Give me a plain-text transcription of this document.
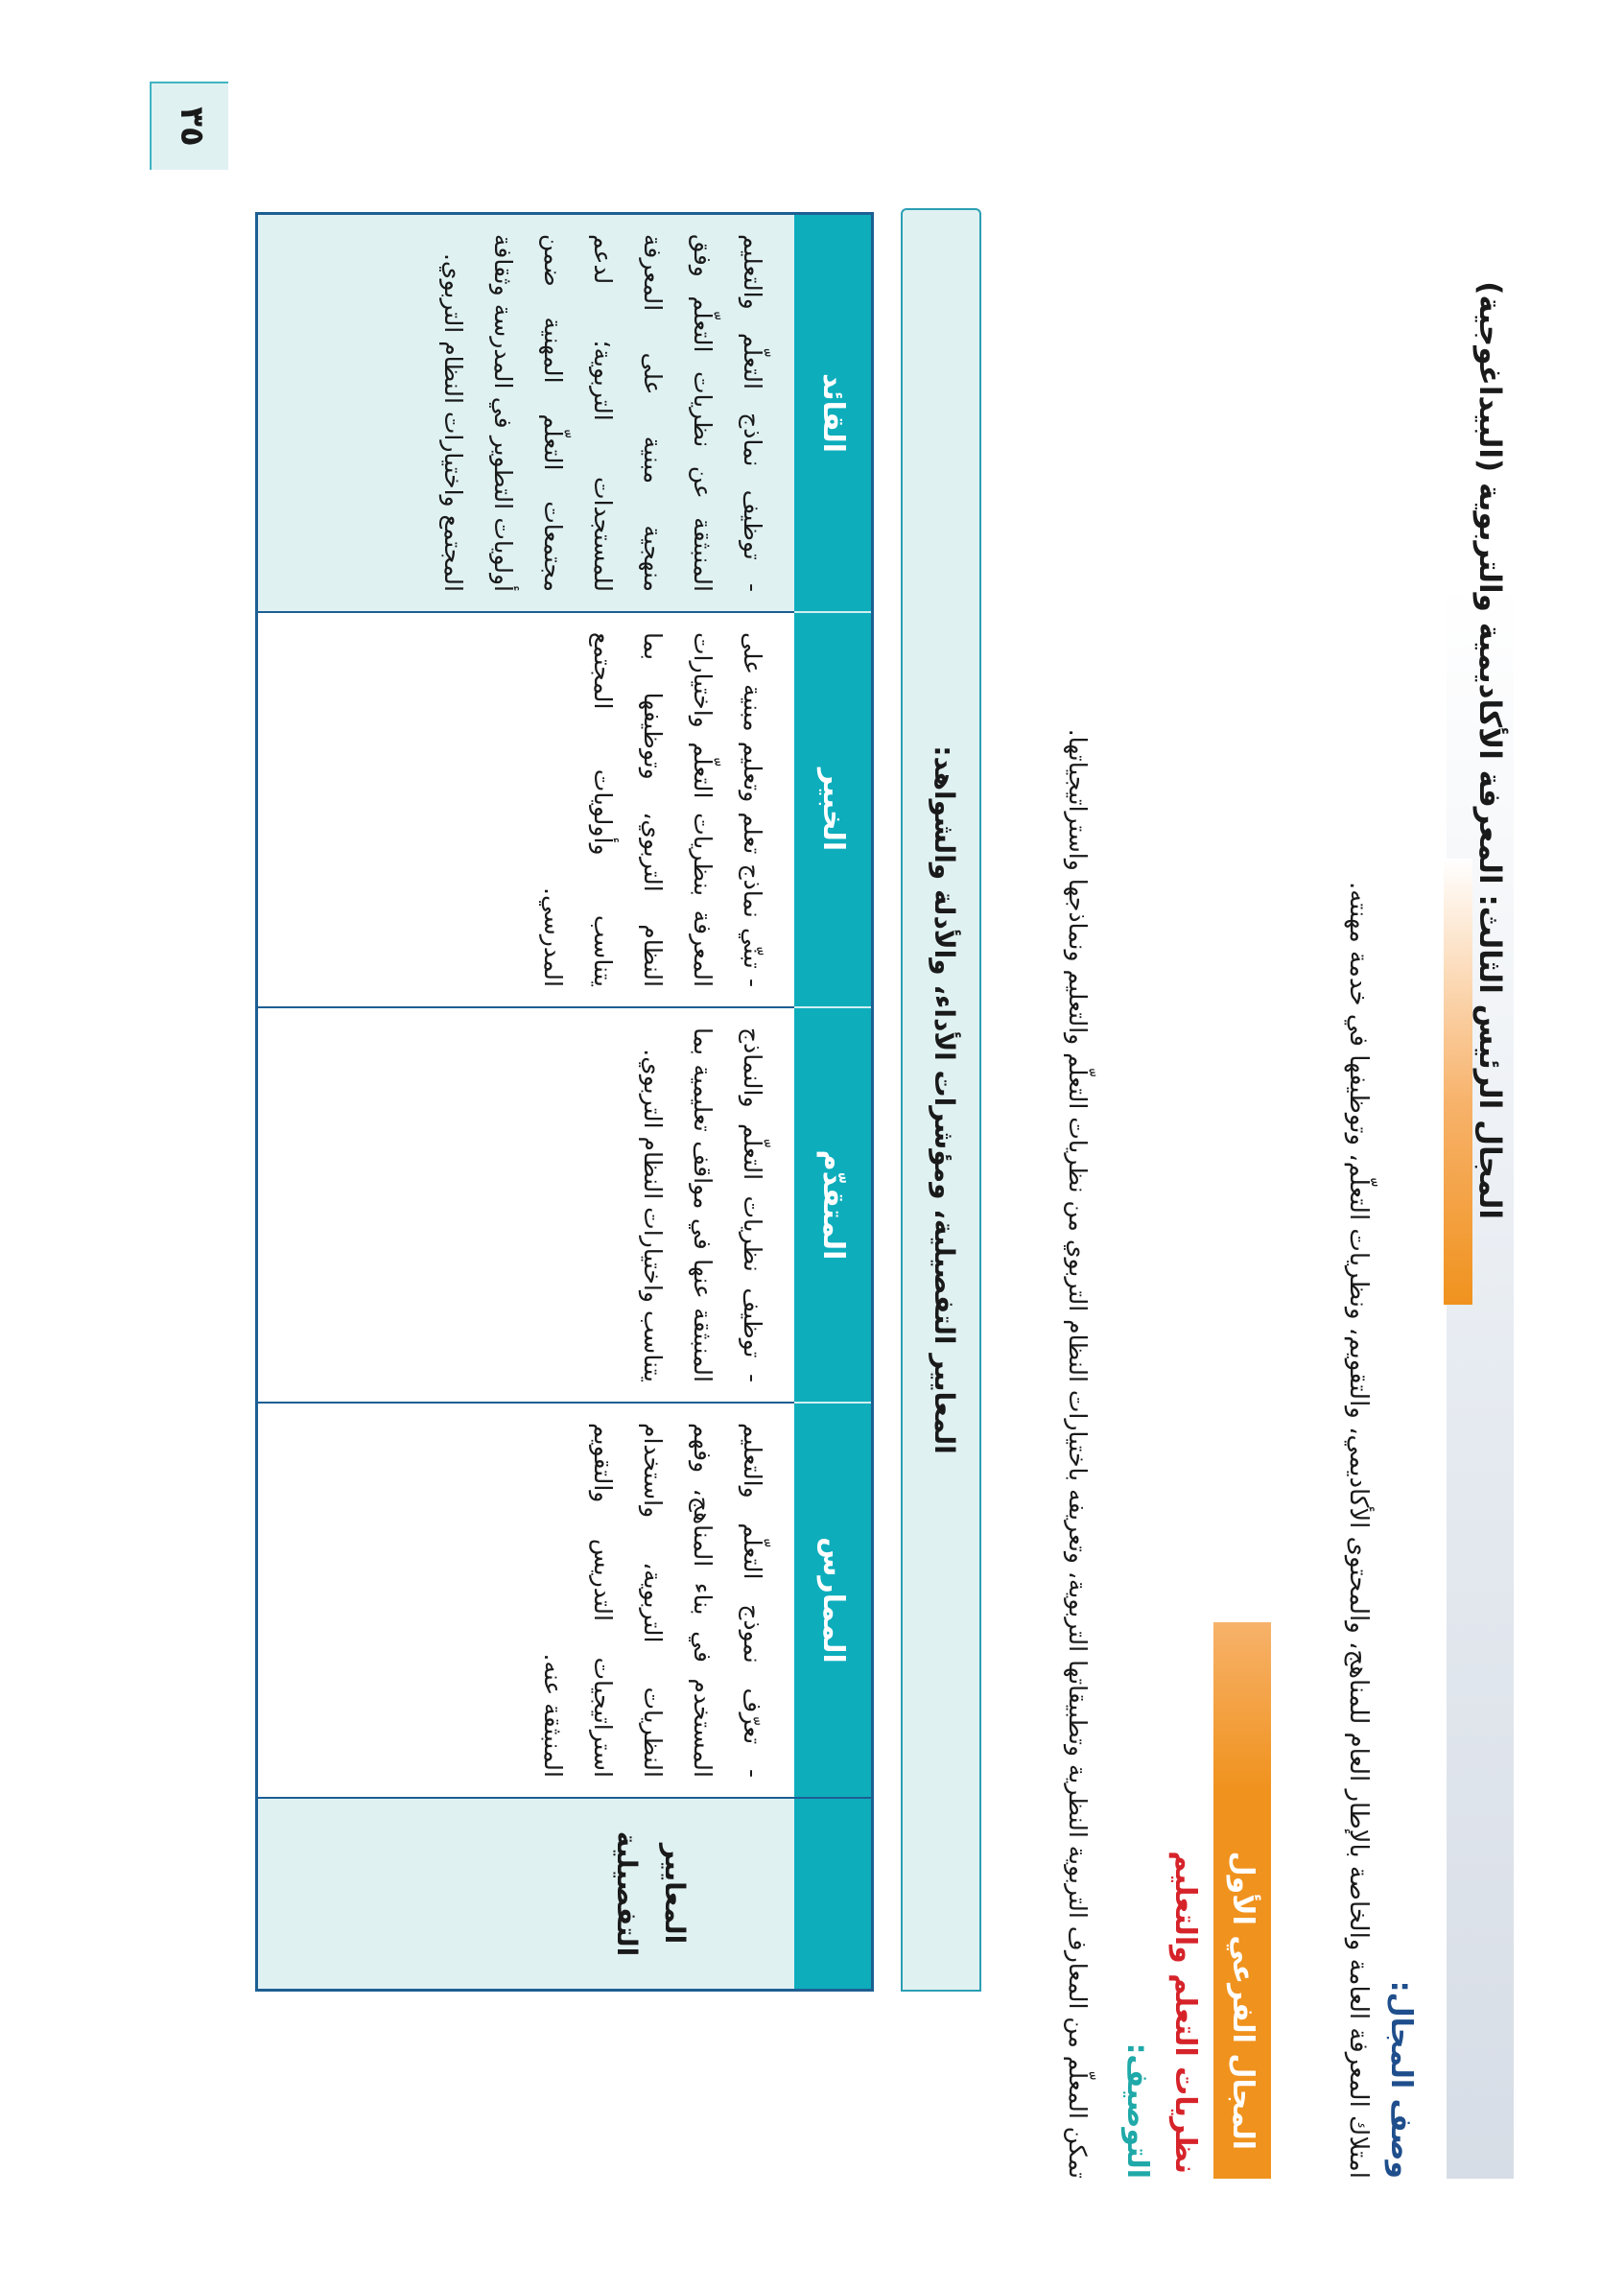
المجال الرئيس الثالث: المعرفة الأكاديمية والتربوية (البيداغوجية)
وصف المجال:
امتلاك المعرفة العامة والخاصة بالإطار العام للمناهج، والمحتوى الأكاديمي، والتقويم، ونظريات التعلّم، وتوظيفها في خدمة مهنته.
المجال الفرعي الأول
نظريات التعلم والتعليم
التوصيف:
تمكن المعلّم من المعارف التربوية النظرية وتطبيقاتها التربوية، وتعريفه باختيارات النظام التربوي من نظريات التعلّم والتعليم ونماذجها واستراتيجياتها.
المعايير التفصيلية، ومؤشرات الأداء، والأدلة والشواهد:
المعايير التفصيلية
الممارس
- تعرّف نموذج التعلّم والتعليم المستخدم في بناء المناهج، وفهم النظريات التربوية، واستخدام استراتيجيات التدريس والتقويم المنبثقة عنه.
المتقدّم
- توظيف نظريات التعلّم والنماذج المنبثقة عنها في مواقف تعليمية بما يتناسب واختيارات النظام التربوي.
الخبير
- تبنّي نماذج تعلم وتعليم مبنية على المعرفة بنظريات التعلّم واختيارات النظام التربوي، وتوظيفها بما يتناسب وأولويات المجتمع المدرسي.
القائد
- توظيف نماذج التعلّم والتعليم المنبثقة عن نظريات التعلّم وفق منهجية مبنية على المعرفة للمستجدات التربوية؛ لدعم مجتمعات التعلّم المهنية ضمن أولويات التطوير في المدرسة وثقافة المجتمع واختيارات النظام التربوي.
٣٥
